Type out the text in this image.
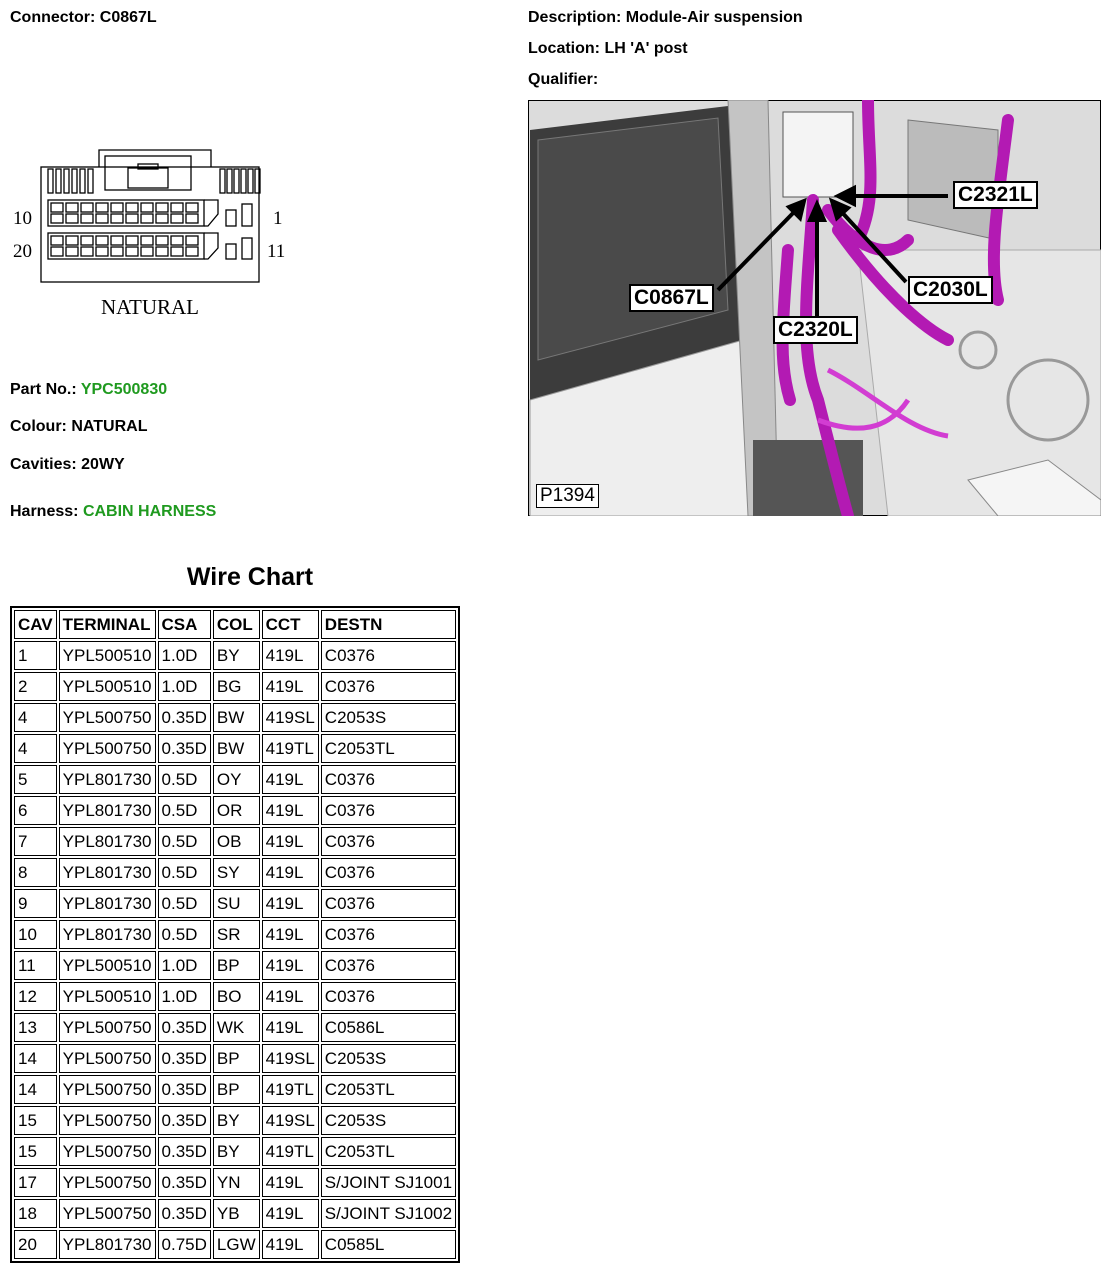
Connector: C0867L	Description: Module-Air suspension
Location: LH 'A' post
Qualifier:
10	1
20	11
NATURAL
Part No.: YPC500830
Colour: NATURAL
Cavities: 20WY
Harness: CABIN HARNESS
C2321L
C0867L	C2030L
C2320L
P1394
Wire Chart
CAV	TERMINAL	CSA	COL	CCT	DESTN
1	YPL500510	1.0D	BY	419L	C0376
2	YPL500510	1.0D	BG	419L	C0376
4	YPL500750	0.35D	BW	419SL	C2053S
4	YPL500750	0.35D	BW	419TL	C2053TL
5	YPL801730	0.5D	OY	419L	C0376
6	YPL801730	0.5D	OR	419L	C0376
7	YPL801730	0.5D	OB	419L	C0376
8	YPL801730	0.5D	SY	419L	C0376
9	YPL801730	0.5D	SU	419L	C0376
10	YPL801730	0.5D	SR	419L	C0376
11	YPL500510	1.0D	BP	419L	C0376
12	YPL500510	1.0D	BO	419L	C0376
13	YPL500750	0.35D	WK	419L	C0586L
14	YPL500750	0.35D	BP	419SL	C2053S
14	YPL500750	0.35D	BP	419TL	C2053TL
15	YPL500750	0.35D	BY	419SL	C2053S
15	YPL500750	0.35D	BY	419TL	C2053TL
17	YPL500750	0.35D	YN	419L	S/JOINT SJ1001
18	YPL500750	0.35D	YB	419L	S/JOINT SJ1002
20	YPL801730	0.75D	LGW	419L	C0585L
